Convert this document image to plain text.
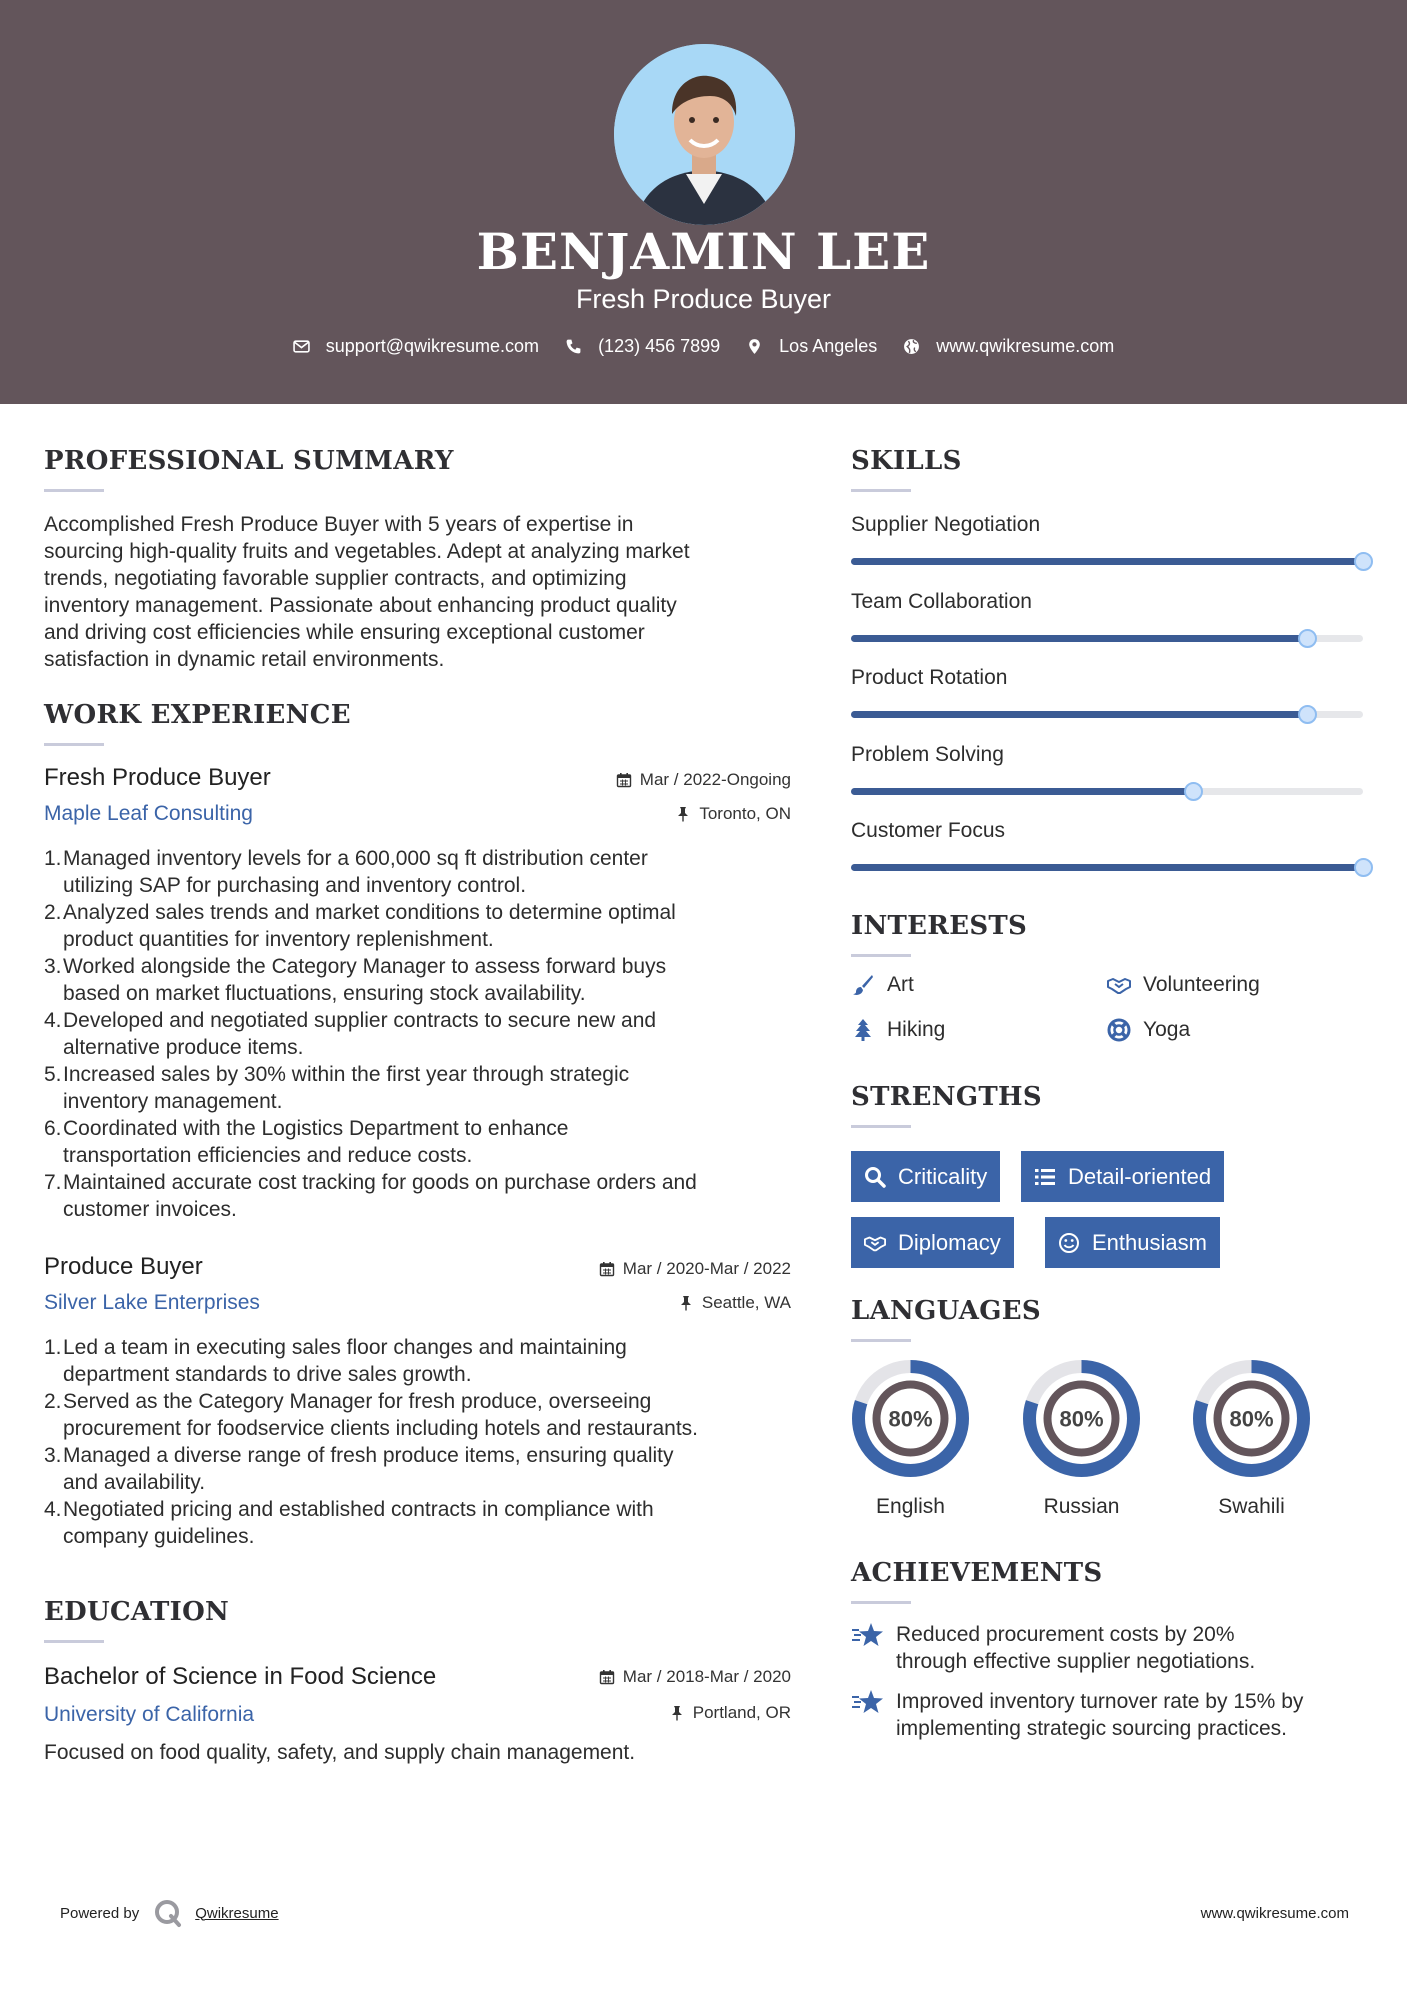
BENJAMIN LEE
Fresh Produce Buyer
support@qwikresume.com	(123) 456 7899	Los Angeles	www.qwikresume.com
PROFESSIONAL SUMMARY
Accomplished Fresh Produce Buyer with 5 years of expertise in
sourcing high-quality fruits and vegetables. Adept at analyzing market
trends, negotiating favorable supplier contracts, and optimizing
inventory management. Passionate about enhancing product quality
and driving cost efficiencies while ensuring exceptional customer
satisfaction in dynamic retail environments.
WORK EXPERIENCE
Fresh Produce Buyer	Mar / 2022-Ongoing
Maple Leaf Consulting	Toronto, ON
1. Managed inventory levels for a 600,000 sq ft distribution center
utilizing SAP for purchasing and inventory control.
2. Analyzed sales trends and market conditions to determine optimal
product quantities for inventory replenishment.
3. Worked alongside the Category Manager to assess forward buys
based on market fluctuations, ensuring stock availability.
4. Developed and negotiated supplier contracts to secure new and
alternative produce items.
5. Increased sales by 30% within the first year through strategic
inventory management.
6. Coordinated with the Logistics Department to enhance
transportation efficiencies and reduce costs.
7. Maintained accurate cost tracking for goods on purchase orders and
customer invoices.
Produce Buyer	Mar / 2020-Mar / 2022
Silver Lake Enterprises	Seattle, WA
1. Led a team in executing sales floor changes and maintaining
department standards to drive sales growth.
2. Served as the Category Manager for fresh produce, overseeing
procurement for foodservice clients including hotels and restaurants.
3. Managed a diverse range of fresh produce items, ensuring quality
and availability.
4. Negotiated pricing and established contracts in compliance with
company guidelines.
EDUCATION
Bachelor of Science in Food Science	Mar / 2018-Mar / 2020
University of California	Portland, OR
Focused on food quality, safety, and supply chain management.
SKILLS
Supplier Negotiation
Team Collaboration
Product Rotation
Problem Solving
Customer Focus
INTERESTS
Art	Volunteering
Hiking	Yoga
STRENGTHS
Criticality	Detail-oriented
Diplomacy	Enthusiasm
LANGUAGES
80%
English
80%
Russian
80%
Swahili
ACHIEVEMENTS
Reduced procurement costs by 20%
through effective supplier negotiations.
Improved inventory turnover rate by 15% by
implementing strategic sourcing practices.
Powered by	Qwikresume	www.qwikresume.com
